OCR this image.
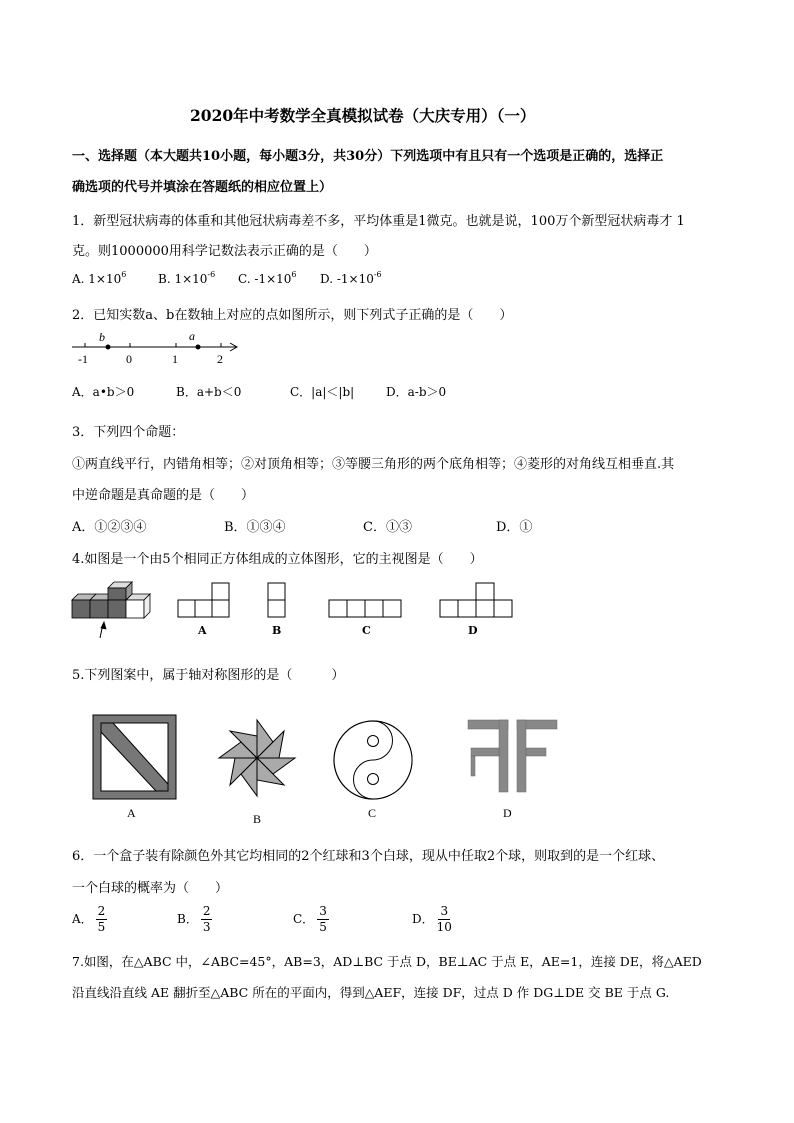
2020年中考数学全真模拟试卷（大庆专用）（一）
一、选择题（本大题共10小题，每小题3分，共30分）下列选项中有且只有一个选项是正确的，选择正
确选项的代号并填涂在答题纸的相应位置上）
1．新型冠状病毒的体重和其他冠状病毒差不多，平均体重是1微克。也就是说，100万个新型冠状病毒才 1
克。则1000000用科学记数法表示正确的是（　　）
A. $1\times 10^6$	B. $1\times 10^{-6}$ C. $-1\times 10^6$ D. $-1\times 10^{-6}$
2．已知实数a、b在数轴上对应的点如图所示，则下列式子正确的是（　　）
b	a
-1	0	1	2
A．a•b＞0	B．a+b＜0	C．|a|＜|b|	D．a-b＞0
3．下列四个命题：
①两直线平行，内错角相等；②对顶角相等；③等腰三角形的两个底角相等；④菱形的对角线互相垂直.其
中逆命题是真命题的是（　　）
A．①②③④	B．①③④	C．①③	D．①
4.如图是一个由5个相同正方体组成的立体图形，它的主视图是（　　）
A	B	C	D
5.下列图案中，属于轴对称图形的是（　　　）
A	B	C	D
6．一个盒子装有除颜色外其它均相同的2个红球和3个白球，现从中任取2个球，则取到的是一个红球、
一个白球的概率为（　　）
A． $\frac{2}{5}$	B． $\frac{2}{3}$	C． $\frac{3}{5}$	D． $\frac{3}{10}$
7.如图，在△ABC 中，∠ABC=45°，AB=3，AD⊥BC 于点 D，BE⊥AC 于点 E，AE=1，连接 DE，将△AED
沿直线沿直线 AE 翻折至△ABC 所在的平面内，得到△AEF，连接 DF，过点 D 作 DG⊥DE 交 BE 于点 G.
